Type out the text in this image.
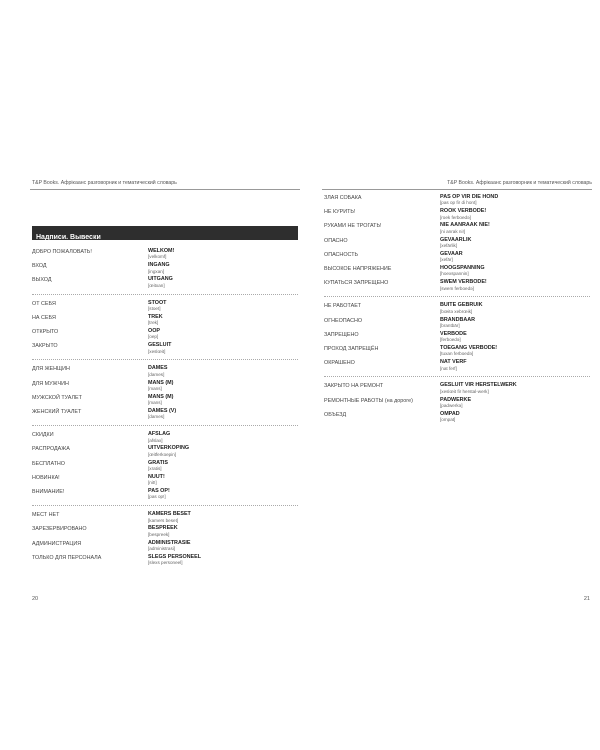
T&P Books. Афрікаанс разговорник и тематический словарь
Надписи. Вывески
ДОБРО ПОЖАЛОВАТЬ!	WELKOM!
[velkomf]
ВХОД	INGANG
[ingxan]
ВЫХОД	UITGANG
[œitxan]
ОТ СЕБЯ	STOOT
[stoet]
НА СЕБЯ	TREK
[trek]
ОТКРЫТО	OOP
[oep]
ЗАКРЫТО	GESLUIT
[xeslœit]
ДЛЯ ЖЕНЩИН	DAMES
[dames]
ДЛЯ МУЖЧИН	MANS (M)
[mans]
МУЖСКОЙ ТУАЛЕТ	MANS (M)
[mans]
ЖЕНСКИЙ ТУАЛЕТ	DAMES (V)
[dames]
СКИДКИ	AFSLAG
[afslax]
РАСПРОДАЖА	UITVERKOPING
[œitferkoepin]
БЕСПЛАТНО	GRATIS
[xratis]
НОВИНКА!	NUUT!
[nit!]
ВНИМАНИЕ!	PAS OP!
[pas op!]
МЕСТ НЕТ	KAMERS BESET
[kamers beset]
ЗАРЕЗЕРВИРОВАНО	BESPREEK
[bespreek]
АДМИНИСТРАЦИЯ	ADMINISTRASIE
[administrasi]
ТОЛЬКО ДЛЯ ПЕРСОНАЛА	SLEGS PERSONEEL
[slexs personeel]
20
T&P Books. Афрікаанс разговорник и тематический словарь
ЗЛАЯ СОБАКА	PAS OP VIR DIE HOND
[pas op fir di hont]
НЕ КУРИТЬ!	ROOK VERBODE!
[roek ferboedə]
РУКАМИ НЕ ТРОГАТЬ!	NIE AANRAAK NIE!
[ni anrak ni!]
ОПАСНО	GEVAARLIK
[xefārlik]
ОПАСНОСТЬ	GEVAAR
[xefār]
ВЫСОКОЕ НАПРЯЖЕНИЕ	HOOGSPANNING
[hoexspannin]
КУПАТЬСЯ ЗАПРЕЩЕНО	SWEM VERBODE!
[swem ferboedə]
НЕ РАБОТАЕТ	BUITE GEBRUIK
[bœitə xebrœik]
ОГНЕОПАСНО	BRANDBAAR
[brantbār]
ЗАПРЕЩЕНО	VERBODE
[ferboedə]
ПРОХОД ЗАПРЕЩЁН	TOEGANG VERBODE!
[tuxan ferboedə]
ОКРАШЕНО	NAT VERF
[nat ferf]
ЗАКРЫТО НА РЕМОНТ	GESLUIT VIR HERSTELWERK
[xeslœit fir herstal-werk]
РЕМОНТНЫЕ РАБОТЫ (на дороге)	PADWERKE
[padwerkə]
ОБЪЕЗД	OMPAD
[ompat]
21
